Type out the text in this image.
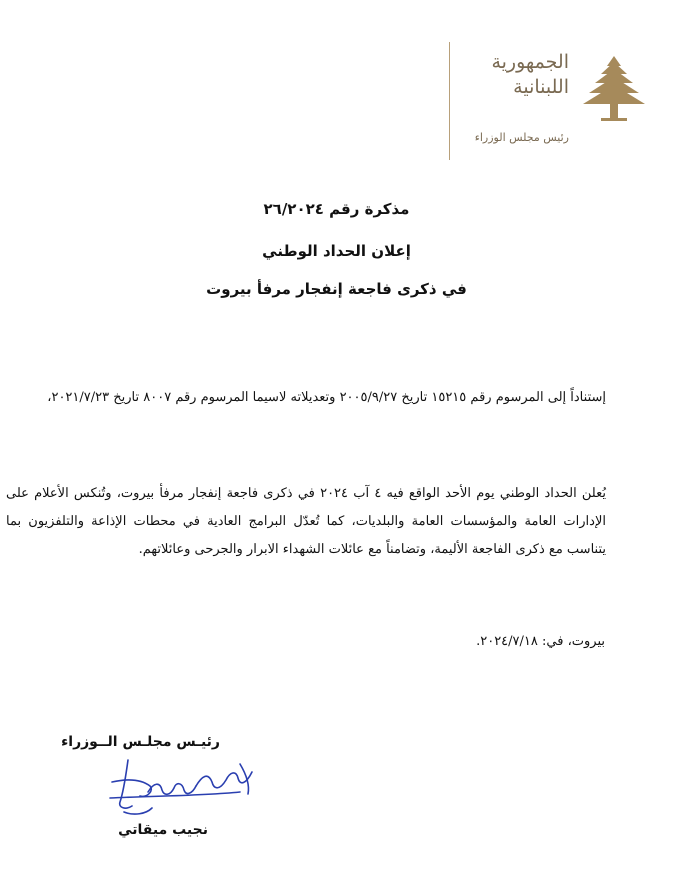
الجمهورية
اللبنانية
رئيس مجلس الوزراء
مذكرة رقم ٢٦/٢٠٢٤
إعلان الحداد الوطني
في ذكرى فاجعة إنفجار مرفأ بيروت
إستناداً إلى المرسوم رقم ١٥٢١٥ تاريخ ٢٠٠٥/٩/٢٧ وتعديلاته لاسيما المرسوم رقم ٨٠٠٧ تاريخ ٢٠٢١/٧/٢٣،
يُعلن الحداد الوطني يوم الأحد الواقع فيه ٤ آب ٢٠٢٤ في ذكرى فاجعة إنفجار مرفأ بيروت، وتُنكس الأعلام على الإدارات العامة والمؤسسات العامة والبلديات، كما تُعدّل البرامج العادية في محطات الإذاعة والتلفزيون بما يتناسب مع ذكرى الفاجعة الأليمة، وتضامناً مع عائلات الشهداء الابرار والجرحى وعائلاتهم.
بيروت، في: ٢٠٢٤/٧/١٨.
رئيـس مجلـس الــوزراء
نجيب ميقاتي
